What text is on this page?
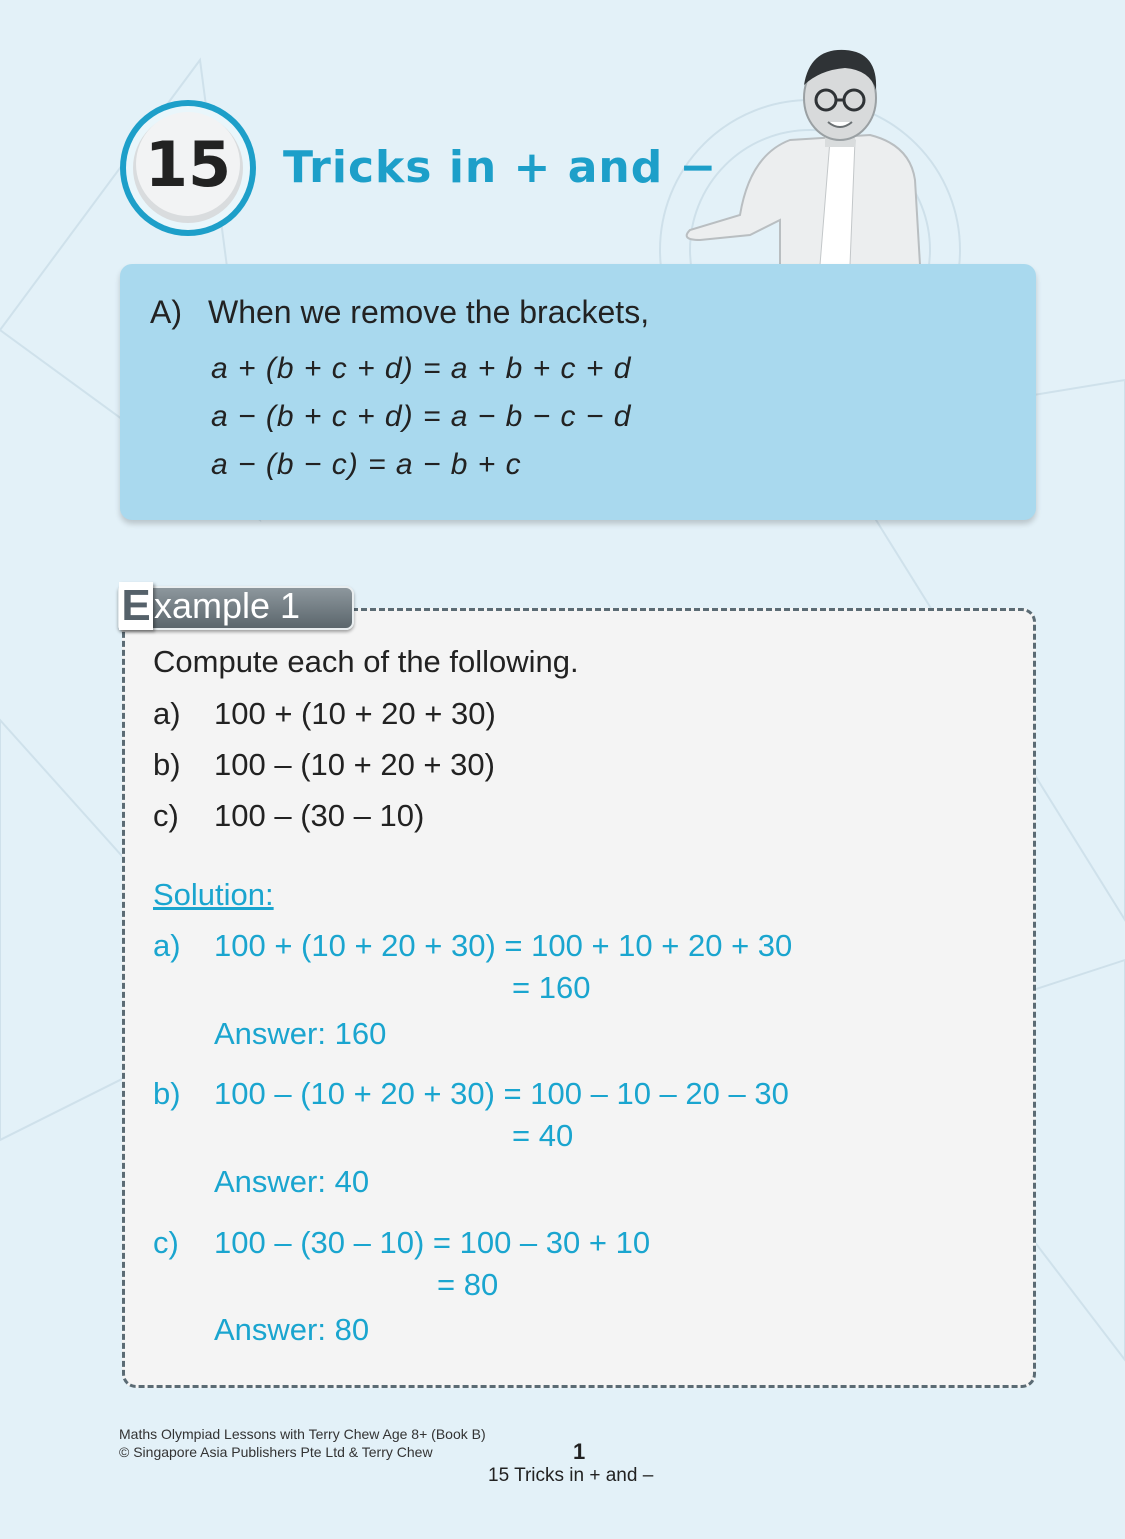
15	Tricks in + and −
A) When we remove the brackets,
a + (b + c + d) = a + b + c + d
a − (b + c + d) = a − b − c − d
a − (b − c) = a − b + c
E xample 1
Compute each of the following.
a) 100 + (10 + 20 + 30)
b) 100 – (10 + 20 + 30)
c) 100 – (30 – 10)
Solution:
a) 100 + (10 + 20 + 30) = 100 + 10 + 20 + 30
= 160
Answer: 160
b) 100 – (10 + 20 + 30) = 100 – 10 – 20 – 30
= 40
Answer: 40
c) 100 – (30 – 10) = 100 – 30 + 10
= 80
Answer: 80
Maths Olympiad Lessons with Terry Chew Age 8+ (Book B)
© Singapore Asia Publishers Pte Ltd & Terry Chew	1
15 Tricks in + and –
